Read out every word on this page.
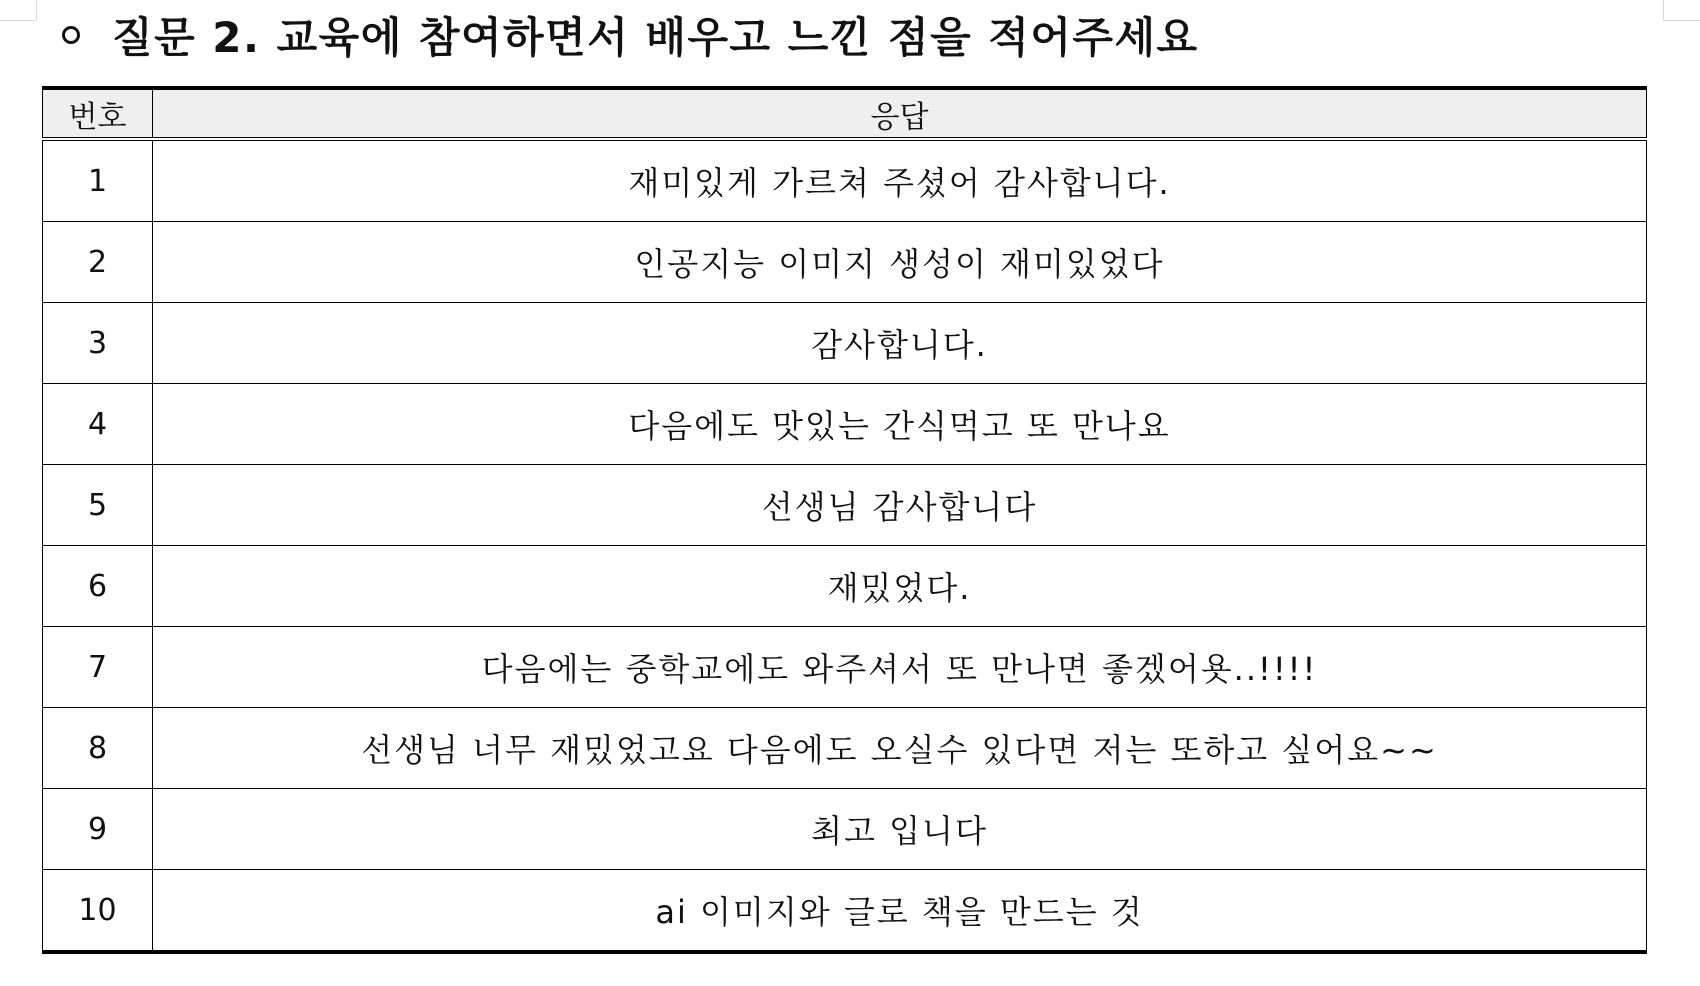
질문 2. 교육에 참여하면서 배우고 느낀 점을 적어주세요
번호	응답
1	재미있게 가르쳐 주셨어 감사합니다.
2	인공지능 이미지 생성이 재미있었다
3	감사합니다.
4	다음에도 맛있는 간식먹고 또 만나요
5	선생님 감사합니다
6	재밌었다.
7	다음에는 중학교에도 와주셔서 또 만나면 좋겠어욧..!!!!
8	선생님 너무 재밌었고요 다음에도 오실수 있다면 저는 또하고 싶어요~~
9	최고 입니다
10	ai 이미지와 글로 책을 만드는 것
